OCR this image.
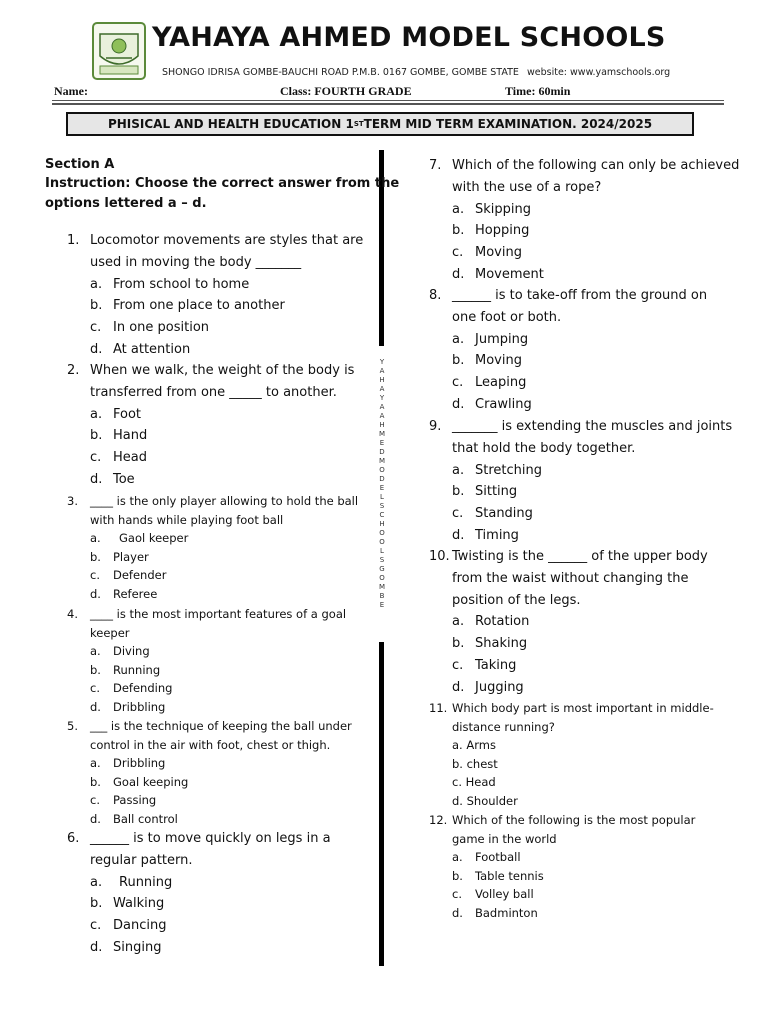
YAHAYA AHMED MODEL SCHOOLS
SHONGO IDRISA GOMBE-BAUCHI ROAD P.M.B. 0167 GOMBE, GOMBE STATE website: www.yamschools.org
Name:	Class: FOURTH GRADE	Time: 60min
PHISICAL AND HEALTH EDUCATION 1 ST TERM MID TERM EXAMINATION. 2024/2025
YAHAYA AHMED MODEL SCHOOLS GOMBE
Section A
Instruction: Choose the correct answer from the
options lettered a – d.
1. Locomotor movements are styles that are
used in moving the body _______
a. From school to home
b. From one place to another
c. In one position
d. At attention
2. When we walk, the weight of the body is
transferred from one _____ to another.
a. Foot
b. Hand
c. Head
d. Toe
3. ____ is the only player allowing to hold the ball
with hands while playing foot ball
a. Gaol keeper
b. Player
c. Defender
d. Referee
4. ____ is the most important features of a goal
keeper
a. Diving
b. Running
c. Defending
d. Dribbling
5. ___ is the technique of keeping the ball under
control in the air with foot, chest or thigh.
a. Dribbling
b. Goal keeping
c. Passing
d. Ball control
6. ______ is to move quickly on legs in a
regular pattern.
a. Running
b. Walking
c. Dancing
d. Singing
7. Which of the following can only be achieved
with the use of a rope?
a. Skipping
b. Hopping
c. Moving
d. Movement
8. ______ is to take-off from the ground on
one foot or both.
a. Jumping
b. Moving
c. Leaping
d. Crawling
9. _______ is extending the muscles and joints
that hold the body together.
a. Stretching
b. Sitting
c. Standing
d. Timing
10. Twisting is the ______ of the upper body
from the waist without changing the
position of the legs.
a. Rotation
b. Shaking
c. Taking
d. Jugging
11. Which body part is most important in middle-
distance running?
a. Arms
b. chest
c. Head
d. Shoulder
12. Which of the following is the most popular
game in the world
a. Football
b. Table tennis
c. Volley ball
d. Badminton
